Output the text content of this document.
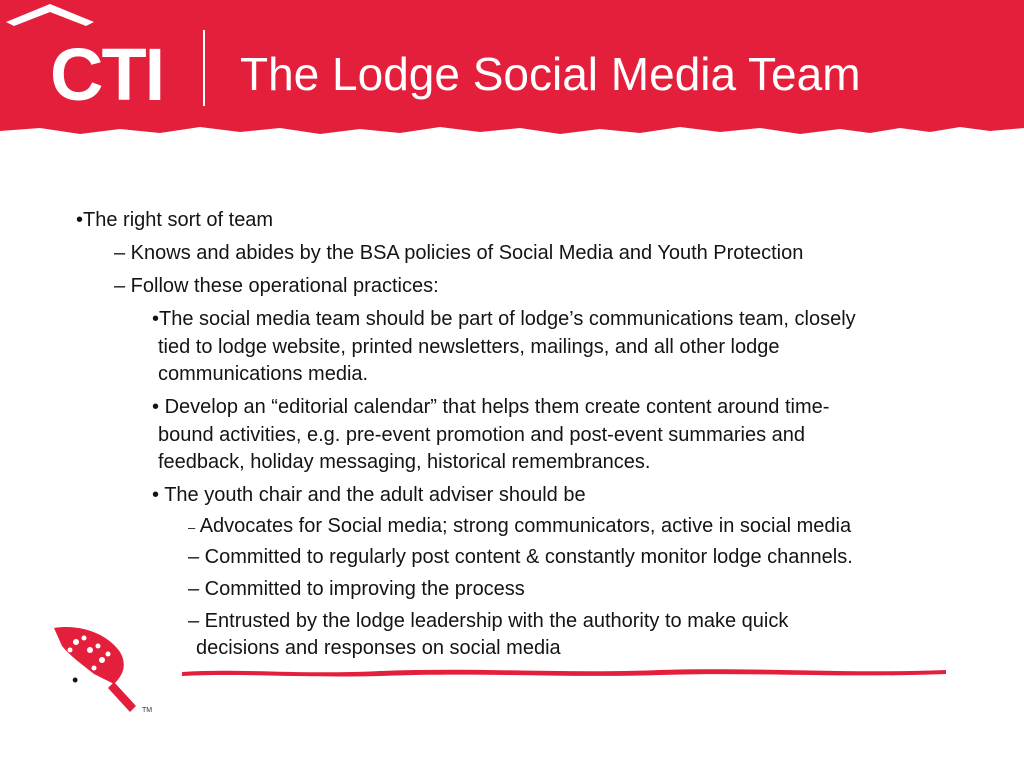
CTI The Lodge Social Media Team
•The right sort of team
– Knows and abides by the BSA policies of Social Media and Youth Protection
– Follow these operational practices:
•The social media team should be part of lodge’s communications team, closely
tied to lodge website, printed newsletters, mailings, and all other lodge
communications media.
• Develop an “editorial calendar” that helps them create content around time-
bound activities, e.g. pre-event promotion and post-event summaries and
feedback, holiday messaging, historical remembrances.
• The youth chair and the adult adviser should be
– Advocates for Social media; strong communicators, active in social media
– Committed to regularly post content & constantly monitor lodge channels.
– Committed to improving the process
– Entrusted by the lodge leadership with the authority to make quick
decisions and responses on social media
TM
•
